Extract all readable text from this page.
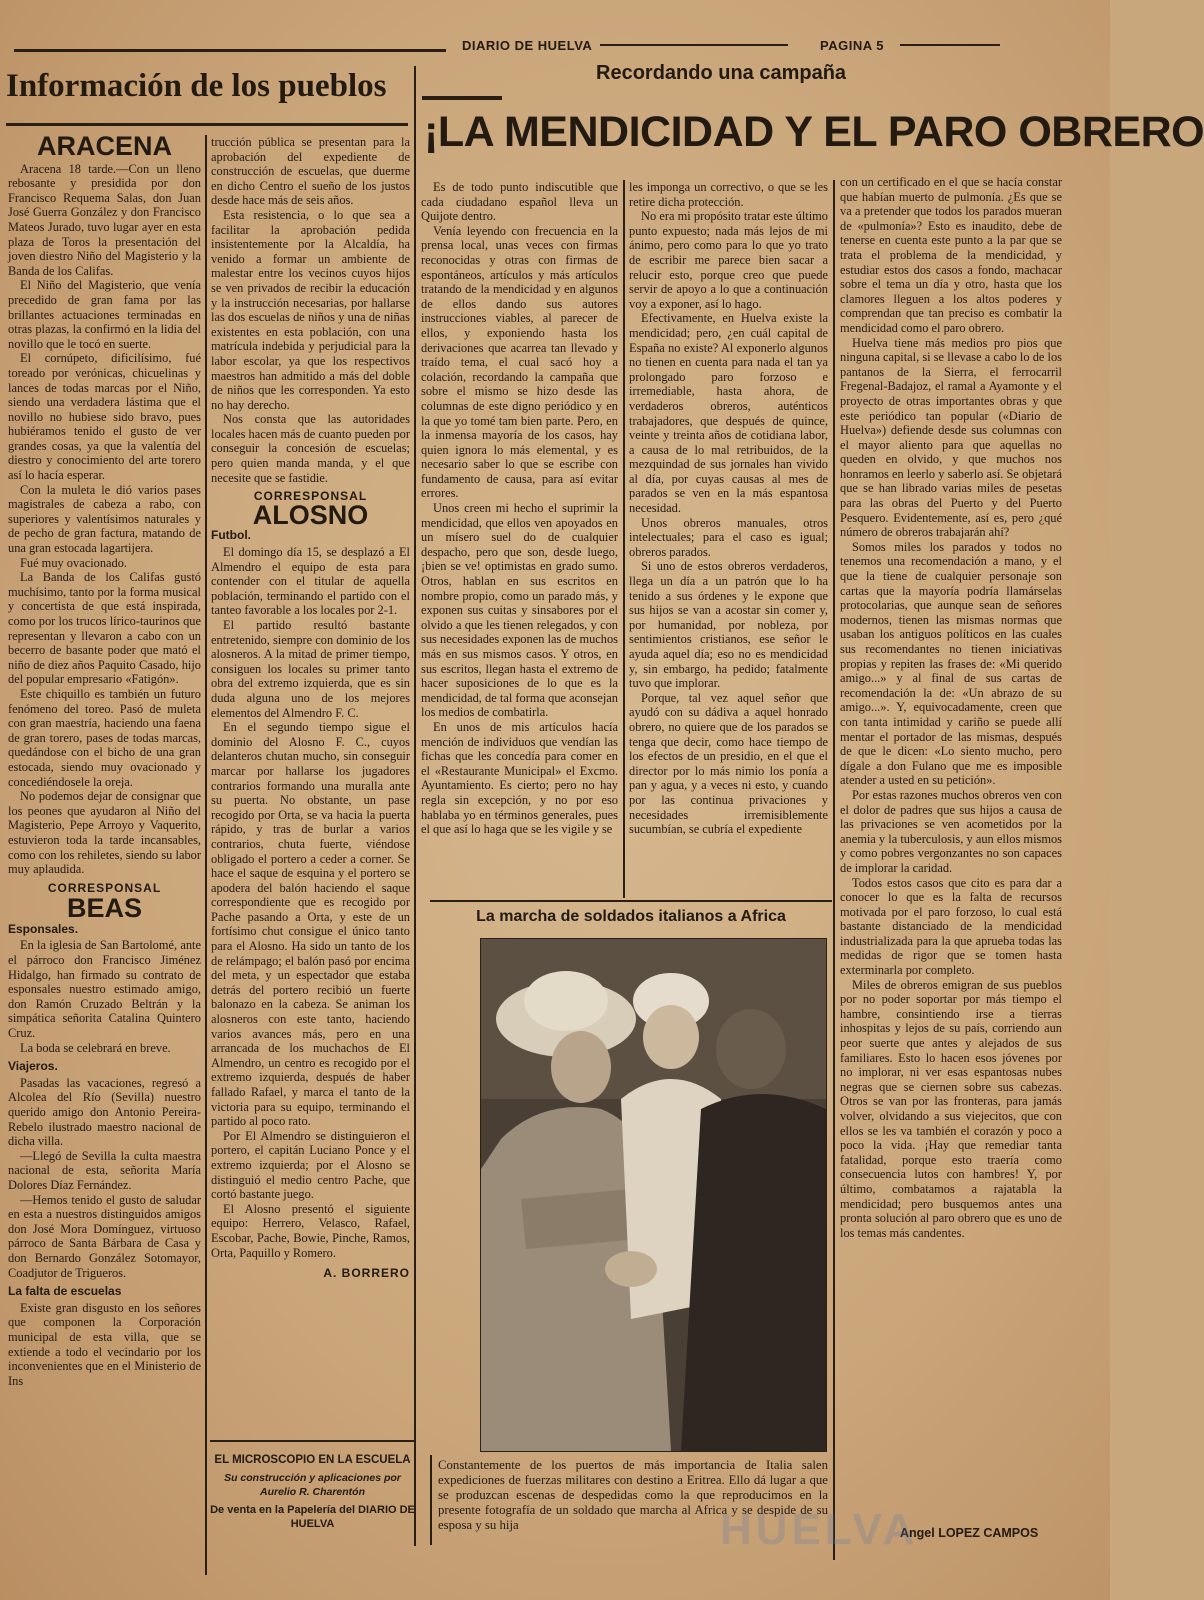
DIARIO DE HUELVA	PAGINA 5
Información de los pueblos
ARACENA

Aracena 18 tarde.—Con un lleno rebosante y presidida por don Francisco Requema Salas, don Juan José Guerra González y don Francisco Mateos Jurado, tuvo lugar ayer en esta plaza de Toros la presentación del joven diestro Niño del Magisterio y la Banda de los Califas.

El Niño del Magisterio, que venía precedido de gran fama por las brillantes actuaciones terminadas en otras plazas, la confirmó en la lidia del novillo que le tocó en suerte.

El cornúpeto, dificilísimo, fué toreado por verónicas, chicuelinas y lances de todas marcas por el Niño, siendo una verdadera lástima que el novillo no hubiese sido bravo, pues hubiéramos tenido el gusto de ver grandes cosas, ya que la valentía del diestro y conocimiento del arte torero así lo hacía esperar.

Con la muleta le dió varios pases magistrales de cabeza a rabo, con superiores y valentísimos naturales y de pecho de gran factura, matando de una gran estocada lagartijera.

Fué muy ovacionado.

La Banda de los Califas gustó muchísimo, tanto por la forma musical y concertista de que está inspirada, como por los trucos lírico-taurinos que representan y llevaron a cabo con un becerro de basante poder que mató el niño de diez años Paquito Casado, hijo del popular empresario «Fatigón».

Este chiquillo es también un futuro fenómeno del toreo. Pasó de muleta con gran maestría, haciendo una faena de gran torero, pases de todas marcas, quedándose con el bicho de una gran estocada, siendo muy ovacionado y concediéndosele la oreja.

No podemos dejar de consignar que los peones que ayudaron al Niño del Magisterio, Pepe Arroyo y Vaquerito, estuvieron toda la tarde incansables, como con los rehiletes, siendo su labor muy aplaudida.

CORRESPONSAL
BEAS
Esponsales.

En la iglesia de San Bartolomé, ante el párroco don Francisco Jiménez Hidalgo, han firmado su contrato de esponsales nuestro estimado amigo, don Ramón Cruzado Beltrán y la simpática señorita Catalina Quintero Cruz.

La boda se celebrará en breve.

Viajeros.

Pasadas las vacaciones, regresó a Alcolea del Río (Sevilla) nuestro querido amigo don Antonio Pereira-Rebelo ilustrado maestro nacional de dicha villa.

—Llegó de Sevilla la culta maestra nacional de esta, señorita María Dolores Díaz Fernández.

—Hemos tenido el gusto de saludar en esta a nuestros distinguidos amigos don José Mora Domínguez, virtuoso párroco de Santa Bárbara de Casa y don Bernardo González Sotomayor, Coadjutor de Trigueros.

La falta de escuelas

Existe gran disgusto en los señores que componen la Corporación municipal de esta villa, que se extiende a todo el vecindario por los inconvenientes que en el Ministerio de Ins

trucción pública se presentan para la aprobación del expediente de construcción de escuelas, que duerme en dicho Centro el sueño de los justos desde hace más de seis años.

Esta resistencia, o lo que sea a facilitar la aprobación pedida insistentemente por la Alcaldía, ha venido a formar un ambiente de malestar entre los vecinos cuyos hijos se ven privados de recibir la educación y la instrucción necesarias, por hallarse las dos escuelas de niños y una de niñas existentes en esta población, con una matrícula indebida y perjudicial para la labor escolar, ya que los respectivos maestros han admitido a más del doble de niños que les corresponden. Ya esto no hay derecho.

Nos consta que las autoridades locales hacen más de cuanto pueden por conseguir la concesión de escuelas; pero quien manda manda, y el que necesite que se fastidie.

CORRESPONSAL
ALOSNO
Futbol.

El domingo día 15, se desplazó a El Almendro el equipo de esta para contender con el titular de aquella población, terminando el partido con el tanteo favorable a los locales por 2-1.

El partido resultó bastante entretenido, siempre con dominio de los alosneros. A la mitad de primer tiempo, consiguen los locales su primer tanto obra del extremo izquierda, que es sin duda alguna uno de los mejores elementos del Almendro F. C.

En el segundo tiempo sigue el dominio del Alosno F. C., cuyos delanteros chutan mucho, sin conseguir marcar por hallarse los jugadores contrarios formando una muralla ante su puerta. No obstante, un pase recogido por Orta, se va hacia la puerta rápido, y tras de burlar a varios contrarios, chuta fuerte, viéndose obligado el portero a ceder a corner. Se hace el saque de esquina y el portero se apodera del balón haciendo el saque correspondiente que es recogido por Pache pasando a Orta, y este de un fortísimo chut consigue el único tanto para el Alosno. Ha sido un tanto de los de relámpago; el balón pasó por encima del meta, y un espectador que estaba detrás del portero recibió un fuerte balonazo en la cabeza. Se animan los alosneros con este tanto, haciendo varios avances más, pero en una arrancada de los muchachos de El Almendro, un centro es recogido por el extremo izquierda, después de haber fallado Rafael, y marca el tanto de la victoria para su equipo, terminando el partido al poco rato.

Por El Almendro se distinguieron el portero, el capitán Luciano Ponce y el extremo izquierda; por el Alosno se distinguió el medio centro Pache, que cortó bastante juego.

El Alosno presentó el siguiente equipo: Herrero, Velasco, Rafael, Escobar, Pache, Bowie, Pinche, Ramos, Orta, Paquillo y Romero.

A. BORRERO
EL MICROSCOPIO EN LA ESCUELA
Su construcción y aplicaciones por Aurelio R. Charentón
De venta en la Papelería del DIARIO DE HUELVA
Recordando una campaña
¡LA MENDICIDAD Y EL PARO OBRERO

Es de todo punto indiscutible que cada ciudadano español lleva un Quijote dentro.

Venía leyendo con frecuencia en la prensa local, unas veces con firmas reconocidas y otras con firmas de espontáneos, artículos y más artículos tratando de la mendicidad y en algunos de ellos dando sus autores instrucciones viables, al parecer de ellos, y exponiendo hasta los derivaciones que acarrea tan llevado y traído tema, el cual sacó hoy a colación, recordando la campaña que sobre el mismo se hizo desde las columnas de este digno periódico y en la que yo tomé tam bien parte. Pero, en la inmensa mayoría de los casos, hay quien ignora lo más elemental, y es necesario saber lo que se escribe con fundamento de causa, para así evitar errores.

Unos creen mi hecho el suprimir la mendicidad, que ellos ven apoyados en un mísero suel do de cualquier despacho, pero que son, desde luego, ¡bien se ve! optimistas en grado sumo. Otros, hablan en sus escritos en nombre propio, como un parado más, y exponen sus cuitas y sinsabores por el olvido a que les tienen relegados, y con sus necesidades exponen las de muchos más en sus mismos casos. Y otros, en sus escritos, llegan hasta el extremo de hacer suposiciones de lo que es la mendicidad, de tal forma que aconsejan los medios de combatirla.

En unos de mis artículos hacía mención de individuos que vendían las fichas que les concedía para comer en el «Restaurante Municipal» el Excmo. Ayuntamiento. Es cierto; pero no hay regla sin excepción, y no por eso hablaba yo en términos generales, pues el que así lo haga que se les vigile y se

les imponga un correctivo, o que se les retire dicha protección.

No era mi propósito tratar este último punto expuesto; nada más lejos de mi ánimo, pero como para lo que yo trato de escribir me parece bien sacar a relucir esto, porque creo que puede servir de apoyo a lo que a continuación voy a exponer, así lo hago.

Efectivamente, en Huelva existe la mendicidad; pero, ¿en cuál capital de España no existe? Al exponerlo algunos no tienen en cuenta para nada el tan ya prolongado paro forzoso e irremediable, hasta ahora, de verdaderos obreros, auténticos trabajadores, que después de quince, veinte y treinta años de cotidiana labor, a causa de lo mal retribuidos, de la mezquindad de sus jornales han vivido al día, por cuyas causas al mes de parados se ven en la más espantosa necesidad.

Unos obreros manuales, otros intelectuales; para el caso es igual; obreros parados.

Si uno de estos obreros verdaderos, llega un día a un patrón que lo ha tenido a sus órdenes y le expone que sus hijos se van a acostar sin comer y, por humanidad, por nobleza, por sentimientos cristianos, ese señor le ayuda aquel día; eso no es mendicidad y, sin embargo, ha pedido; fatalmente tuvo que implorar.

Porque, tal vez aquel señor que ayudó con su dádiva a aquel honrado obrero, no quiere que de los parados se tenga que decir, como hace tiempo de los efectos de un presidio, en el que el director por lo más nimio los ponía a pan y agua, y a veces ni esto, y cuando por las continua privaciones y necesidades irremisiblemente sucumbían, se cubría el expediente

con un certificado en el que se hacía constar que habían muerto de pulmonía. ¿Es que se va a pretender que todos los parados mueran de «pulmonía»? Esto es inaudito, debe de tenerse en cuenta este punto a la par que se trata el problema de la mendicidad, y estudiar estos dos casos a fondo, machacar sobre el tema un día y otro, hasta que los clamores lleguen a los altos poderes y comprendan que tan preciso es combatir la mendicidad como el paro obrero.

Huelva tiene más medios pro pios que ninguna capital, si se llevase a cabo lo de los pantanos de la Sierra, el ferrocarril Fregenal-Badajoz, el ramal a Ayamonte y el proyecto de otras importantes obras y que este periódico tan popular («Diario de Huelva») defiende desde sus columnas con el mayor aliento para que aquellas no queden en olvido, y que muchos nos honramos en leerlo y saberlo así. Se objetará que se han librado varias miles de pesetas para las obras del Puerto y del Puerto Pesquero. Evidentemente, así es, pero ¿qué número de obreros trabajarán ahí?

Somos miles los parados y todos no tenemos una recomendación a mano, y el que la tiene de cualquier personaje son cartas que la mayoría podría llamárselas protocolarias, que aunque sean de señores modernos, tienen las mismas normas que usaban los antiguos políticos en las cuales sus recomendantes no tienen iniciativas propias y repiten las frases de: «Mi querido amigo...» y al final de sus cartas de recomendación la de: «Un abrazo de su amigo...». Y, equivocadamente, creen que con tanta intimidad y cariño se puede allí mentar el portador de las mismas, después de que le dicen: «Lo siento mucho, pero dígale a don Fulano que me es imposible atender a usted en su petición».

Por estas razones muchos obreros ven con el dolor de padres que sus hijos a causa de las privaciones se ven acometidos por la anemia y la tuberculosis, y aun ellos mismos y como pobres vergonzantes no son capaces de implorar la caridad.

Todos estos casos que cito es para dar a conocer lo que es la falta de recursos motivada por el paro forzoso, lo cual está bastante distanciado de la mendicidad industrializada para la que aprueba todas las medidas de rigor que se tomen hasta exterminarla por completo.

Miles de obreros emigran de sus pueblos por no poder soportar por más tiempo el hambre, consintiendo irse a tierras inhospitas y lejos de su país, corriendo aun peor suerte que antes y alejados de sus familiares. Esto lo hacen esos jóvenes por no implorar, ni ver esas espantosas nubes negras que se ciernen sobre sus cabezas. Otros se van por las fronteras, para jamás volver, olvidando a sus viejecitos, que con ellos se les va también el corazón y poco a poco la vida. ¡Hay que remediar tanta fatalidad, porque esto traería como consecuencia lutos con hambres! Y, por último, combatamos a rajatabla la mendicidad; pero busquemos antes una pronta solución al paro obrero que es uno de los temas más candentes.

Angel LOPEZ CAMPOS
La marcha de soldados italianos a Africa
Constantemente de los puertos de más importancia de Italia salen expediciones de fuerzas militares con destino a Eritrea. Ello dá lugar a que se produzcan escenas de despedidas como la que reproducimos en la presente fotografía de un soldado que marcha al Africa y se despide de su esposa y su hija	HUELVA
